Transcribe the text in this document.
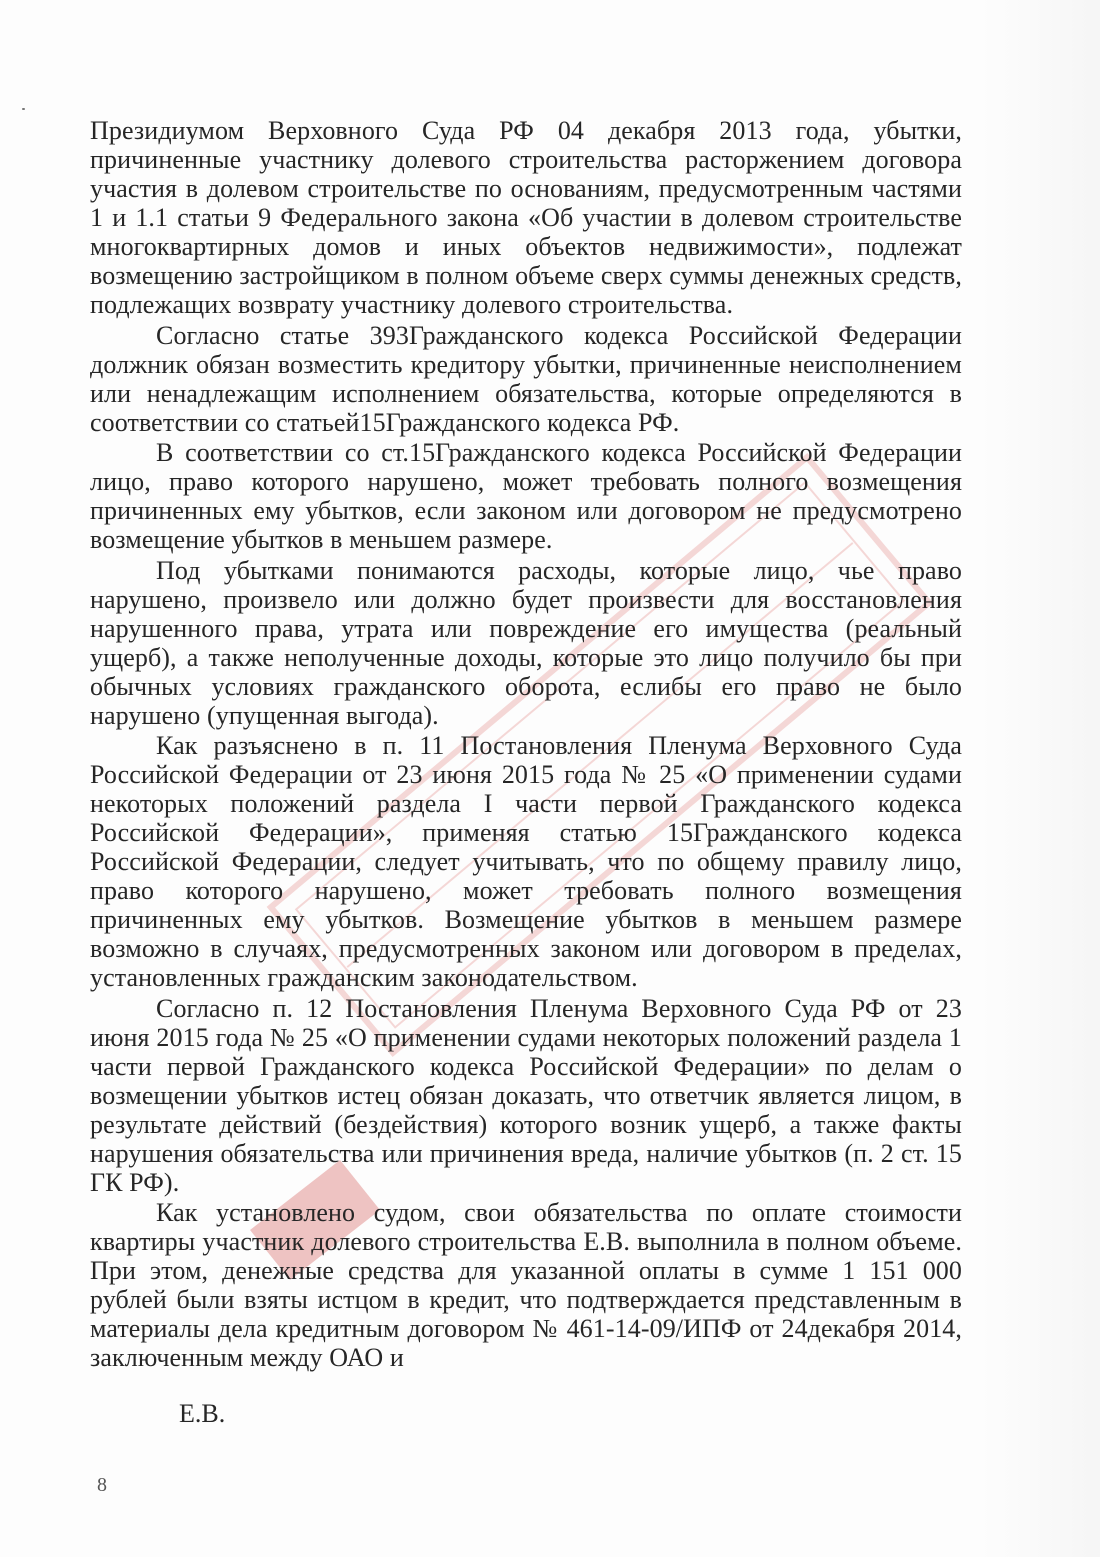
Президиумом Верховного Суда РФ 04 декабря 2013 года, убытки, причиненные участнику долевого строительства расторжением договора участия в долевом строительстве по основаниям, предусмотренным частями 1 и 1.1 статьи 9 Федерального закона «Об участии в долевом строительстве многоквартирных домов и иных объектов недвижимости», подлежат возмещению застройщиком в полном объеме сверх суммы денежных средств, подлежащих возврату участнику долевого строительства.

Согласно статье 393Гражданского кодекса Российской Федерации должник обязан возместить кредитору убытки, причиненные неисполнением или ненадлежащим исполнением обязательства, которые определяются в соответствии со статьей15Гражданского кодекса РФ.

В соответствии со ст.15Гражданского кодекса Российской Федерации лицо, право которого нарушено, может требовать полного возмещения причиненных ему убытков, если законом или договором не предусмотрено возмещение убытков в меньшем размере.

Под убытками понимаются расходы, которые лицо, чье право нарушено, произвело или должно будет произвести для восстановления нарушенного права, утрата или повреждение его имущества (реальный ущерб), а также неполученные доходы, которые это лицо получило бы при обычных условиях гражданского оборота, еслибы его право не было нарушено (упущенная выгода).

Как разъяснено в п. 11 Постановления Пленума Верховного Суда Российской Федерации от 23 июня 2015 года № 25 «О применении судами некоторых положений раздела I части первой Гражданского кодекса Российской Федерации», применяя статью 15Гражданского кодекса Российской Федерации, следует учитывать, что по общему правилу лицо, право которого нарушено, может требовать полного возмещения причиненных ему убытков. Возмещение убытков в меньшем размере возможно в случаях, предусмотренных законом или договором в пределах, установленных гражданским законодательством.

Согласно п. 12 Постановления Пленума Верховного Суда РФ от 23 июня 2015 года № 25 «О применении судами некоторых положений раздела 1 части первой Гражданского кодекса Российской Федерации» по делам о возмещении убытков истец обязан доказать, что ответчик является лицом, в результате действий (бездействия) которого возник ущерб, а также факты нарушения обязательства или причинения вреда, наличие убытков (п. 2 ст. 15 ГК РФ).

Как установлено судом, свои обязательства по оплате стоимости квартиры участник долевого строительства Е.В. выполнила в полном объеме. При этом, денежные средства для указанной оплаты в сумме 1 151 000 рублей были взяты истцом в кредит, что подтверждается представленным в материалы дела кредитным договором № 461-14-09/ИПФ от 24декабря 2014, заключенным между ОАО и

Е.В.
8
